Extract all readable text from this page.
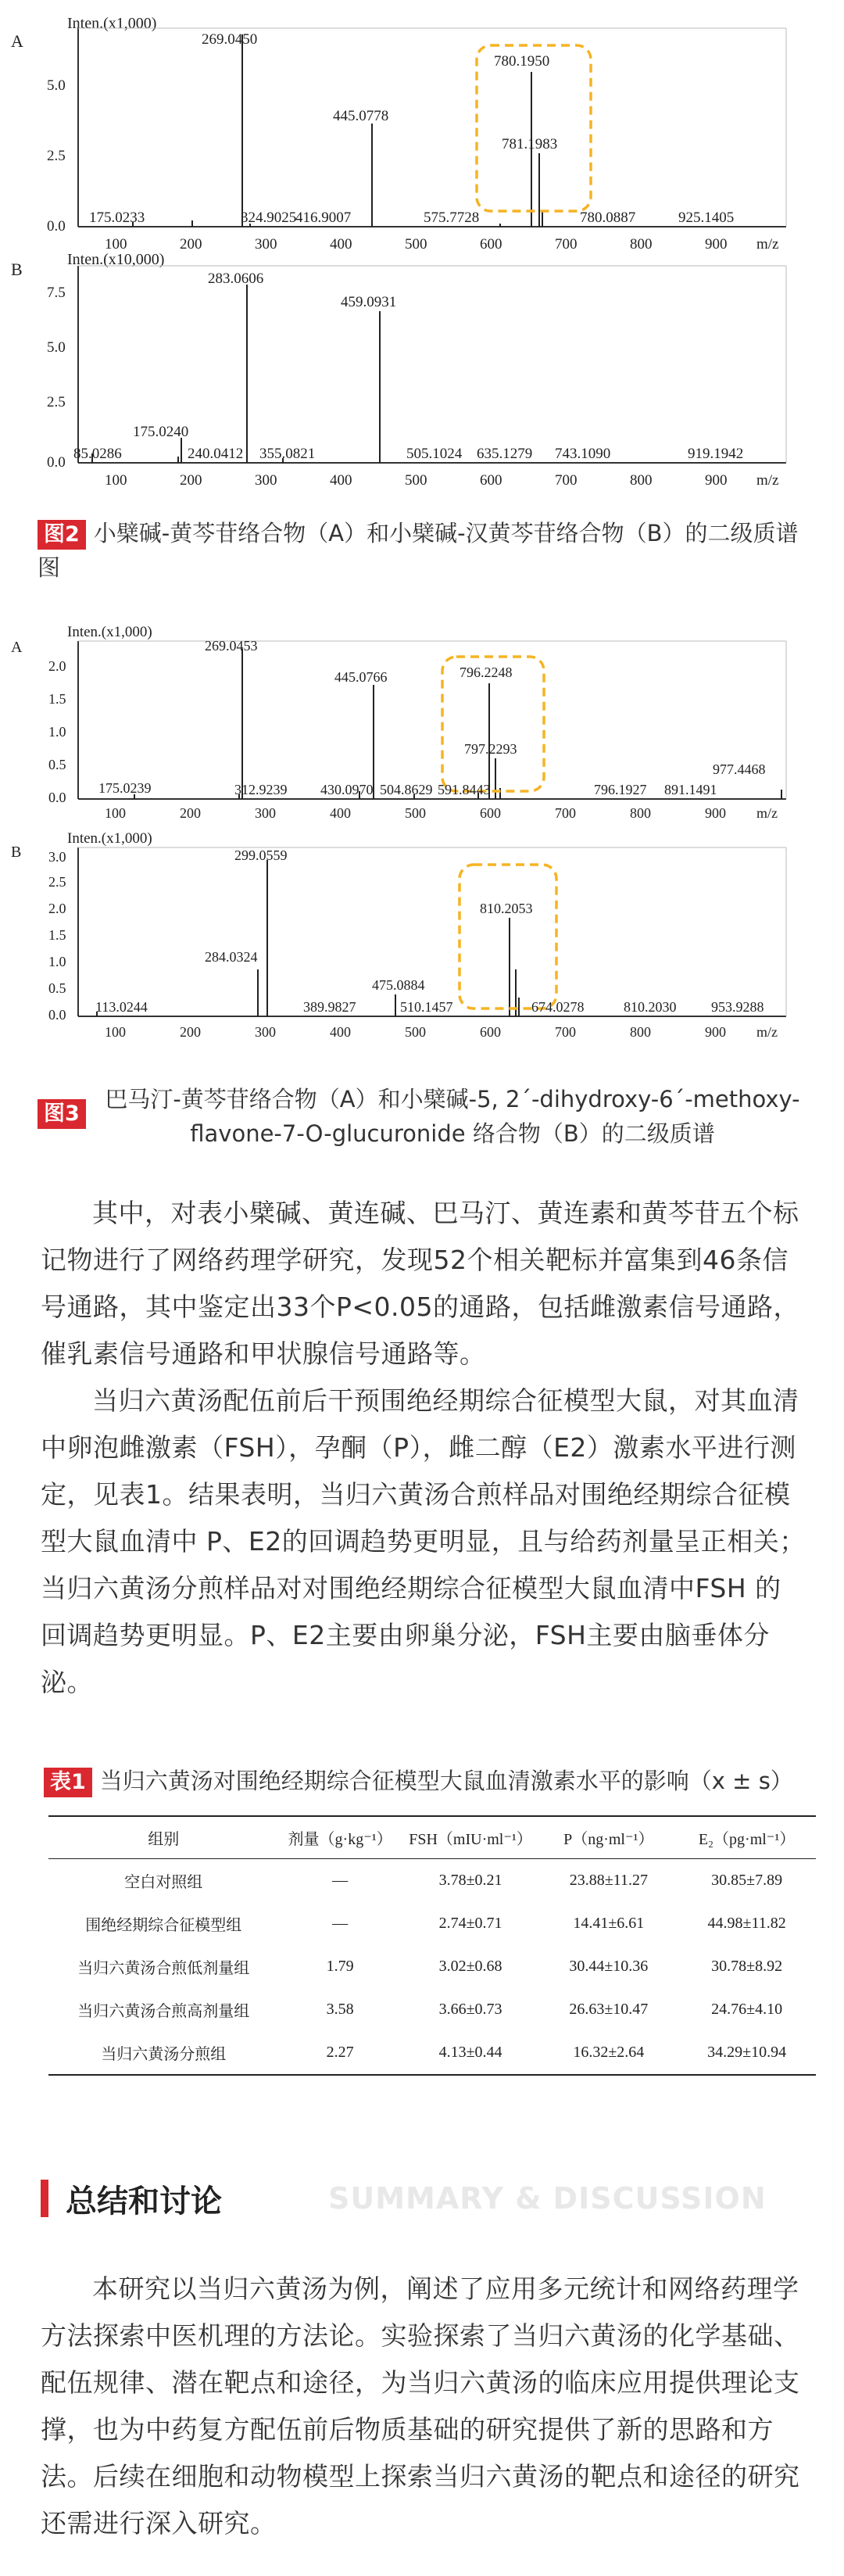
A
Inten.(x1,000)
5.0
2.5
0.0
269.0450
445.0778
780.1950
781.1983
175.0233	324.9025
416.9007	575.7728	780.0887	925.1405
100	200	300	400	500	600	700	800	900 m/z
B	Inten.(x10,000)
7.5
5.0
2.5
0.0
283.0606
459.0931
175.0240
85.0286	240.0412 355.0821	505.1024 635.1279 743.1090	919.1942
100	200	300	400	500	600	700	800	900 m/z
图2 小檗碱-黄芩苷络合物（A）和小檗碱-汉黄芩苷络合物（B）的二级质谱图
A
Inten.(x1,000)
2.0
1.5
1.0
0.5
0.0
269.0453
445.0766	796.2248
797.2293
175.0239	312.9239 430.0970 504.8629 591.8443	796.1927 891.1491
977.4468
100	200	300	400	500	600	700	800	900 m/z
B
Inten.(x1,000)
3.0
2.5
2.0
1.5
1.0
0.5
0.0
299.0559
810.2053
284.0324
475.0884
113.0244	389.9827	510.1457	674.0278	810.2030 953.9288
100	200	300	400	500	600	700	800	900 m/z
图3
巴马汀-黄芩苷络合物（A）和小檗碱-5, 2´-dihydroxy-6´-methoxy-
flavone-7-O-glucuronide 络合物（B）的二级质谱
其中，对表小檗碱、黄连碱、巴马汀、黄连素和黄芩苷五个标记物进行了网络药理学研究，发现52个相关靶标并富集到46条信号通路，其中鉴定出33个P<0.05的通路，包括雌激素信号通路，催乳素信号通路和甲状腺信号通路等。
当归六黄汤配伍前后干预围绝经期综合征模型大鼠，对其血清中卵泡雌激素（FSH），孕酮（P），雌二醇（E2）激素水平进行测定，见表1。结果表明，当归六黄汤合煎样品对围绝经期综合征模型大鼠血清中 P、E2的回调趋势更明显，且与给药剂量呈正相关；当归六黄汤分煎样品对对围绝经期综合征模型大鼠血清中FSH 的回调趋势更明显。P、E2主要由卵巢分泌，FSH主要由脑垂体分泌。
表1 当归六黄汤对围绝经期综合征模型大鼠血清激素水平的影响（x ± s）
组别	剂量（g·kg⁻¹）	FSH（mIU·ml⁻¹）	P（ng·ml⁻¹）	E₂（pg·ml⁻¹）
空白对照组	—	3.78±0.21	23.88±11.27	30.85±7.89
围绝经期综合征模型组	—	2.74±0.71	14.41±6.61	44.98±11.82
当归六黄汤合煎低剂量组	1.79	3.02±0.68	30.44±10.36	30.78±8.92
当归六黄汤合煎高剂量组	3.58	3.66±0.73	26.63±10.47	24.76±4.10
当归六黄汤分煎组	2.27	4.13±0.44	16.32±2.64	34.29±10.94
总结和讨论	SUMMARY & DISCUSSION
本研究以当归六黄汤为例，阐述了应用多元统计和网络药理学方法探索中医机理的方法论。实验探索了当归六黄汤的化学基础、配伍规律、潜在靶点和途径，为当归六黄汤的临床应用提供理论支撑，也为中药复方配伍前后物质基础的研究提供了新的思路和方法。后续在细胞和动物模型上探索当归六黄汤的靶点和途径的研究还需进行深入研究。
